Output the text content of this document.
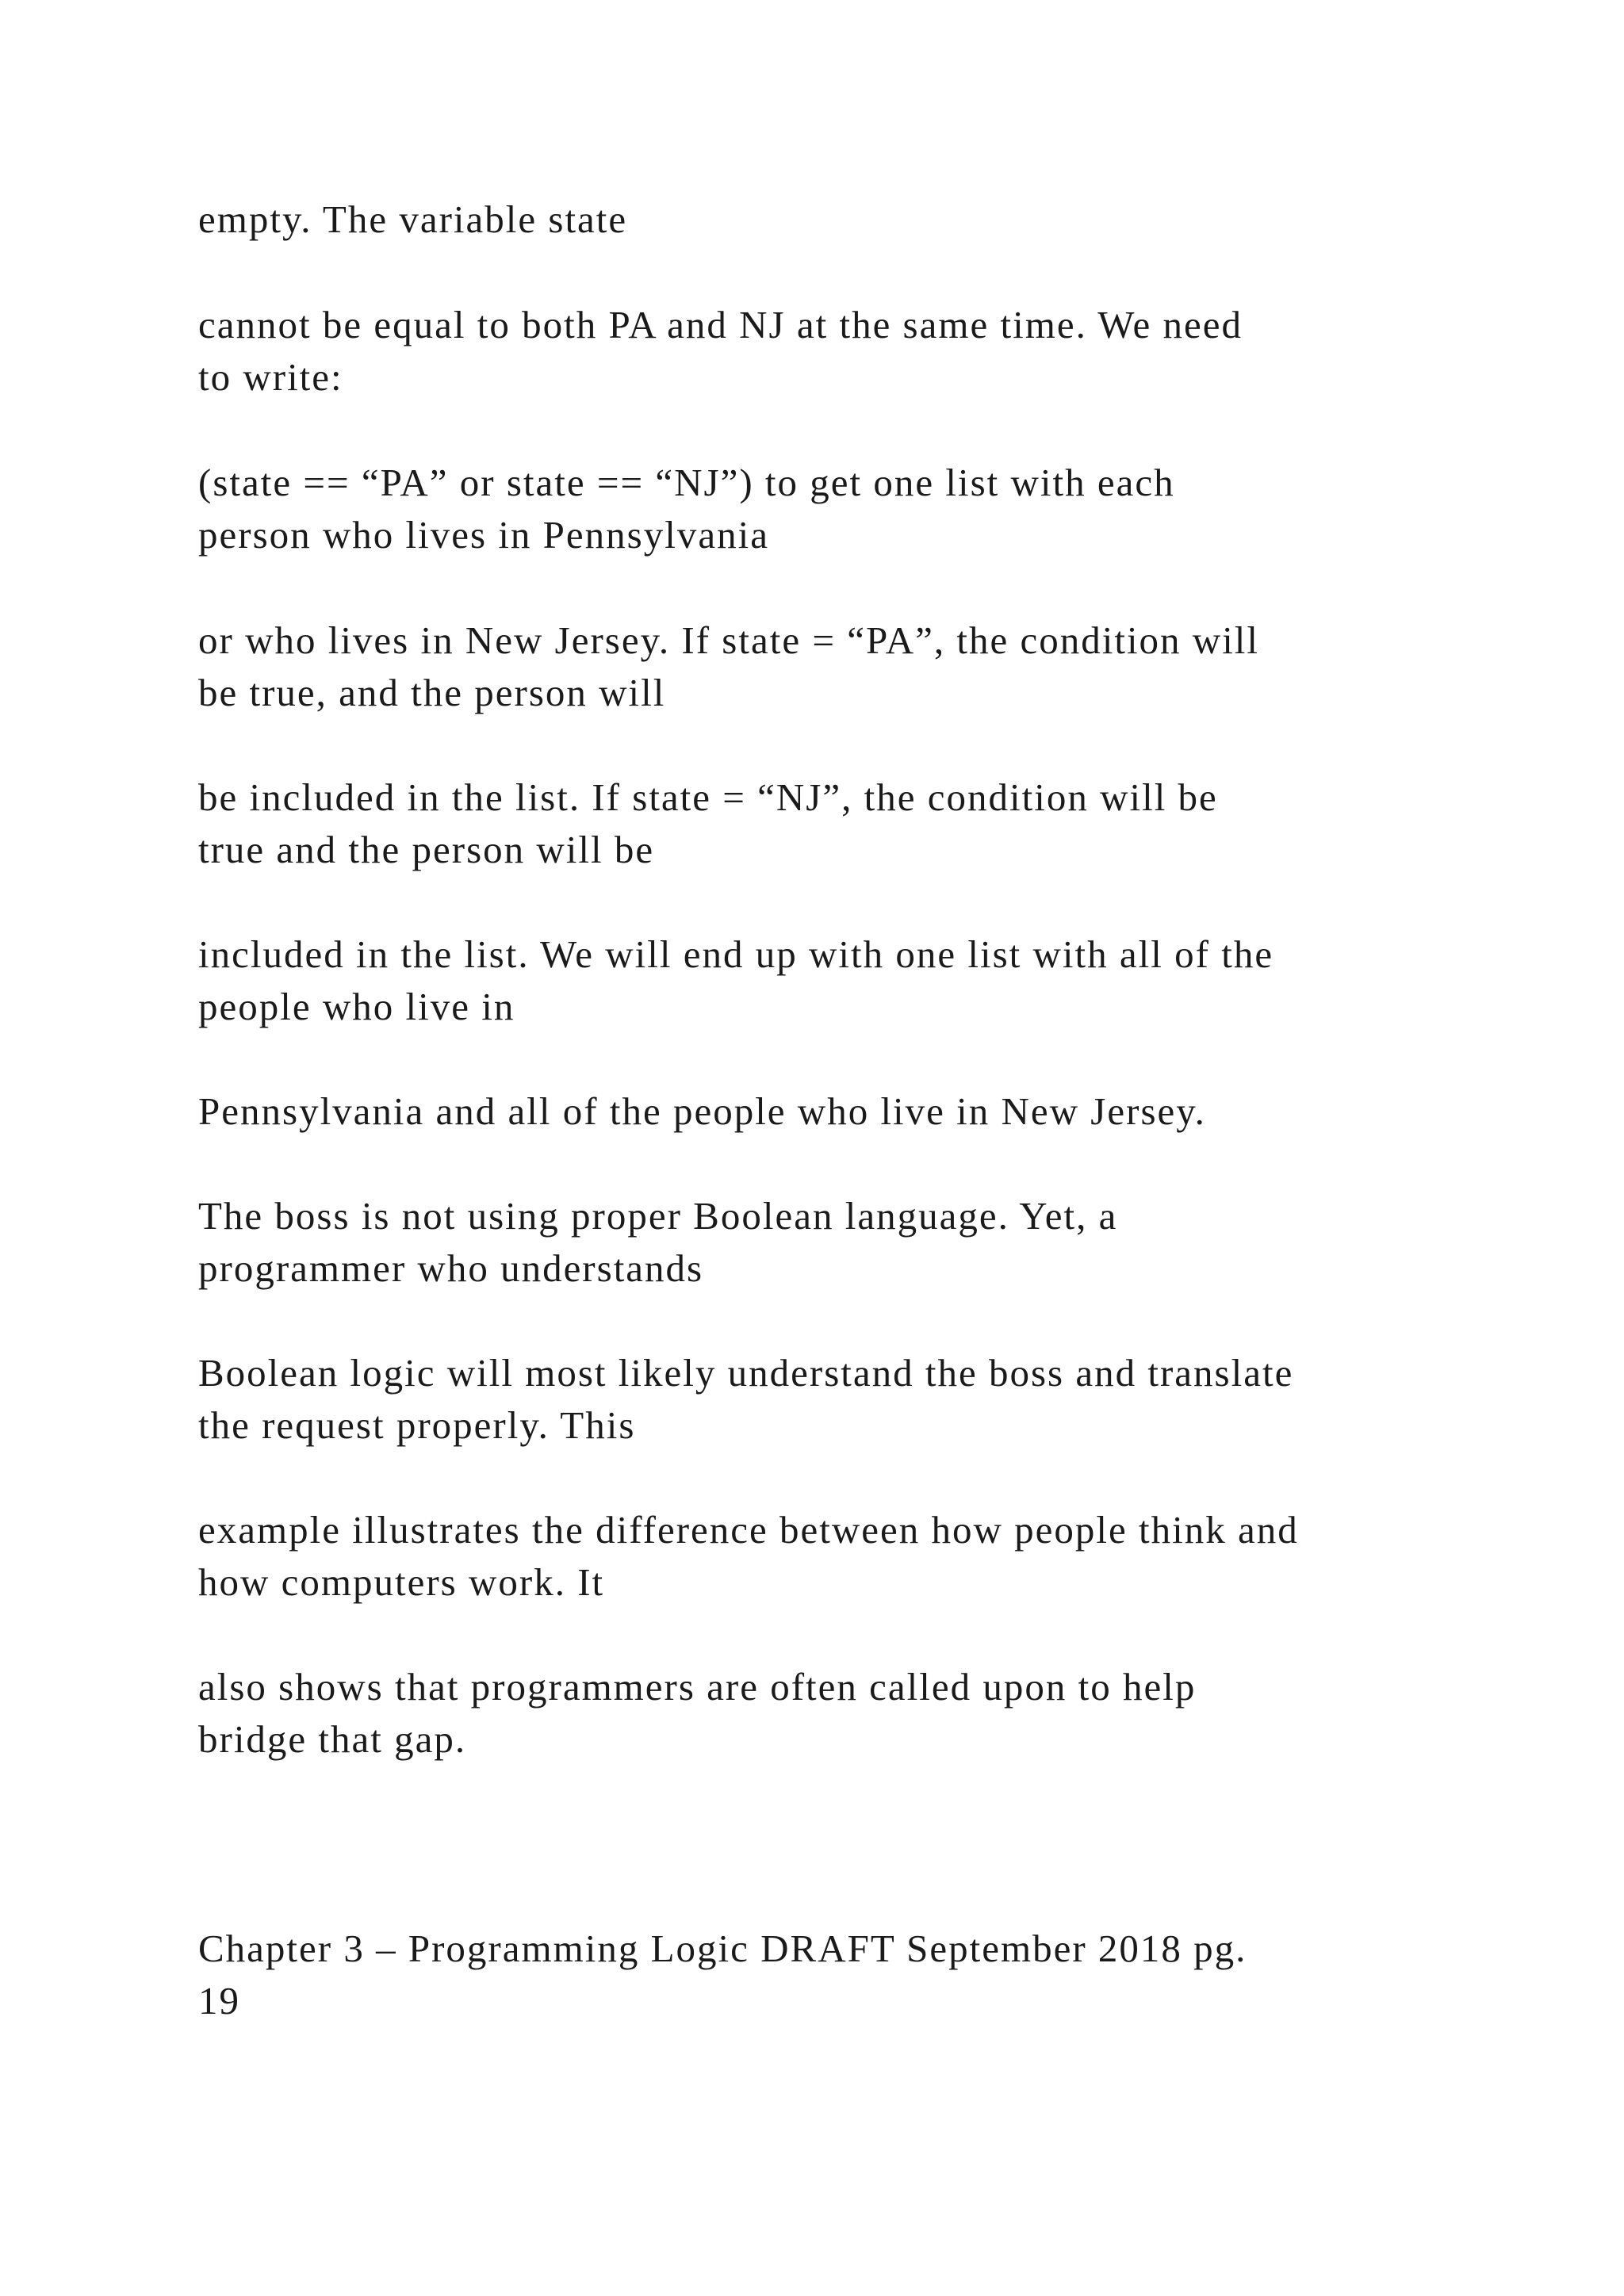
empty. The variable state

cannot be equal to both PA and NJ at the same time. We need
to write:

(state == “PA” or state == “NJ”) to get one list with each
person who lives in Pennsylvania

or who lives in New Jersey. If state = “PA”, the condition will
be true, and the person will

be included in the list. If state = “NJ”, the condition will be
true and the person will be

included in the list. We will end up with one list with all of the
people who live in

Pennsylvania and all of the people who live in New Jersey.

The boss is not using proper Boolean language. Yet, a
programmer who understands

Boolean logic will most likely understand the boss and translate
the request properly. This

example illustrates the difference between how people think and
how computers work. It

also shows that programmers are often called upon to help
bridge that gap.

Chapter 3 – Programming Logic DRAFT September 2018 pg.
19
